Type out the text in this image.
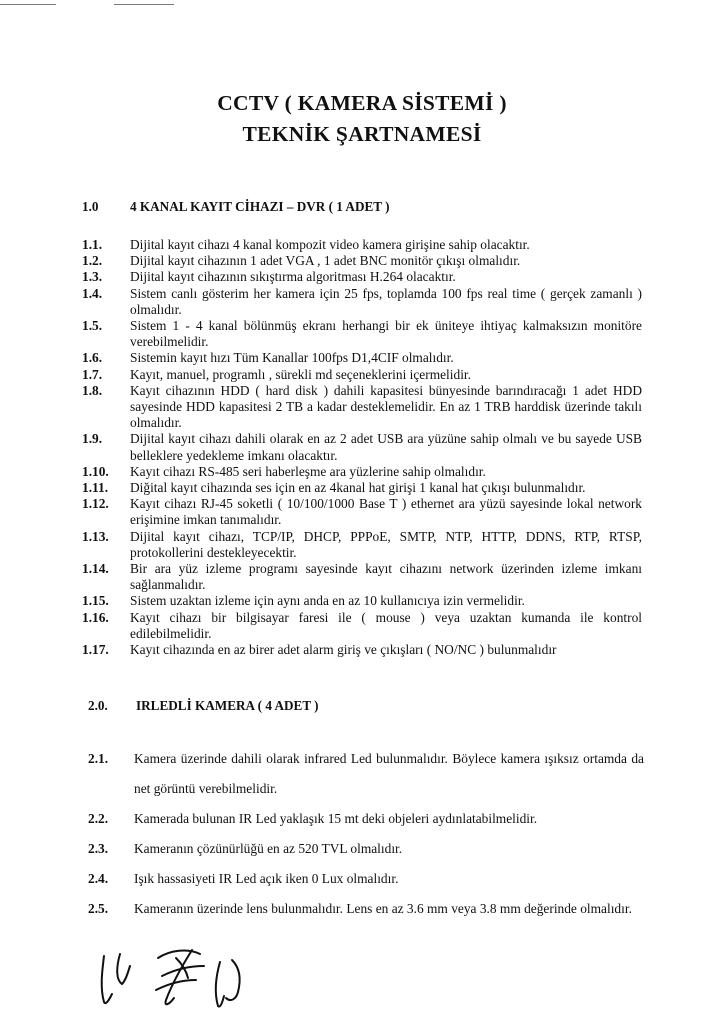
CCTV ( KAMERA SİSTEMİ )
TEKNİK ŞARTNAMESİ
1.0 4 KANAL KAYIT CİHAZI – DVR ( 1 ADET )
1.1.	Dijital kayıt cihazı 4 kanal kompozit video kamera girişine sahip olacaktır.
1.2.	Dijital kayıt cihazının 1 adet VGA , 1 adet BNC monitör çıkışı olmalıdır.
1.3.	Dijital kayıt cihazının sıkıştırma algoritması H.264 olacaktır.
1.4.	Sistem canlı gösterim her kamera için 25 fps, toplamda 100 fps real time ( gerçek zamanlı ) olmalıdır.
1.5.	Sistem 1 - 4 kanal bölünmüş ekranı herhangi bir ek üniteye ihtiyaç kalmaksızın monitöre verebilmelidir.
1.6.	Sistemin kayıt hızı Tüm Kanallar 100fps D1,4CIF olmalıdır.
1.7.	Kayıt, manuel, programlı , sürekli md seçeneklerini içermelidir.
1.8.	Kayıt cihazının HDD ( hard disk ) dahili kapasitesi bünyesinde barındıracağı 1 adet HDD sayesinde HDD kapasitesi 2 TB a kadar desteklemelidir. En az 1 TRB harddisk üzerinde takılı olmalıdır.
1.9.	Dijital kayıt cihazı dahili olarak en az 2 adet USB ara yüzüne sahip olmalı ve bu sayede USB belleklere yedekleme imkanı olacaktır.
1.10.	Kayıt cihazı RS-485 seri haberleşme ara yüzlerine sahip olmalıdır.
1.11.	Diğital kayıt cihazında ses için en az 4kanal hat girişi 1 kanal hat çıkışı bulunmalıdır.
1.12.	Kayıt cihazı RJ-45 soketli ( 10/100/1000 Base T ) ethernet ara yüzü sayesinde lokal network erişimine imkan tanımalıdır.
1.13.	Dijital kayıt cihazı, TCP/IP, DHCP, PPPoE, SMTP, NTP, HTTP, DDNS, RTP, RTSP, protokollerini destekleyecektir.
1.14.	Bir ara yüz izleme programı sayesinde kayıt cihazını network üzerinden izleme imkanı sağlanmalıdır.
1.15.	Sistem uzaktan izleme için aynı anda en az 10 kullanıcıya izin vermelidir.
1.16.	Kayıt cihazı bir bilgisayar faresi ile ( mouse ) veya uzaktan kumanda ile kontrol edilebilmelidir.
1.17.	Kayıt cihazında en az birer adet alarm giriş ve çıkışları ( NO/NC ) bulunmalıdır
2.0. IRLEDLİ KAMERA ( 4 ADET )
2.1.	Kamera üzerinde dahili olarak infrared Led bulunmalıdır. Böylece kamera ışıksız ortamda da net görüntü verebilmelidir.
2.2.	Kamerada bulunan IR Led yaklaşık 15 mt deki objeleri aydınlatabilmelidir.
2.3.	Kameranın çözünürlüğü en az 520 TVL olmalıdır.
2.4.	Işık hassasiyeti IR Led açık iken 0 Lux olmalıdır.
2.5.	Kameranın üzerinde lens bulunmalıdır. Lens en az 3.6 mm veya 3.8 mm değerinde olmalıdır.
